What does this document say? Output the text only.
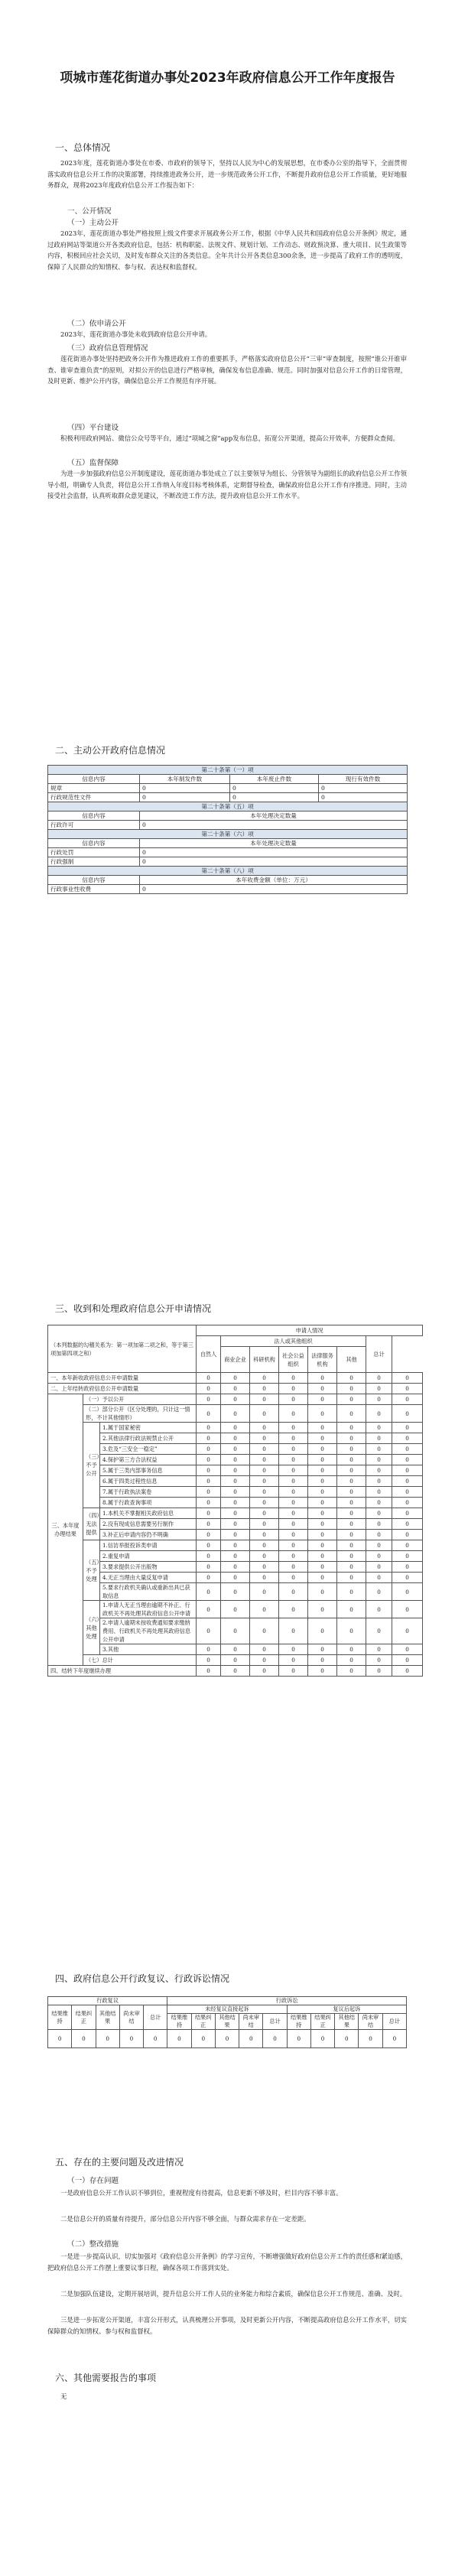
项城市莲花街道办事处2023年政府信息公开工作年度报告
一、总体情况

2023年度，莲花街道办事处在市委、市政府的领导下，坚持以人民为中心的发展思想，在市委办公室的指导下，全面贯彻落实政府信息公开工作的决策部署，持续推进政务公开，进一步规范政务公开工作，不断提升政府信息公开工作质量，更好地服务群众，现将2023年度政府信息公开工作报告如下：

一、公开情况
（一）主动公开

2023年，莲花街道办事处严格按照上级文件要求开展政务公开工作，根据《中华人民共和国政府信息公开条例》规定，通过政府网站等渠道公开各类政府信息，包括：机构职能、法规文件、规划计划、工作动态、财政预决算、重大项目、民生政策等内容，积极回应社会关切，及时发布群众关注的各类信息。全年共计公开各类信息300余条，进一步提高了政府工作的透明度，保障了人民群众的知情权、参与权、表达权和监督权。

（二）依申请公开

2023年，莲花街道办事处未收到政府信息公开申请。

（三）政府信息管理情况

莲花街道办事处坚持把政务公开作为推进政府工作的重要抓手，严格落实政府信息公开“三审”审查制度，按照“谁公开谁审查、谁审查谁负责”的原则，对拟公开的信息进行严格审核，确保发布信息准确、规范。同时加强对信息公开工作的日常管理，及时更新、维护公开内容，确保信息公开工作规范有序开展。

（四）平台建设

积极利用政府网站、微信公众号等平台，通过“项城之窗”app发布信息，拓宽公开渠道，提高公开效率，方便群众查阅。

（五）监督保障

为进一步加强政府信息公开制度建设，莲花街道办事处成立了以主要领导为组长、分管领导为副组长的政府信息公开工作领导小组，明确专人负责，将信息公开工作纳入年度目标考核体系，定期督导检查，确保政府信息公开工作有序推进。同时，主动接受社会监督，认真听取群众意见建议，不断改进工作方法，提升政府信息公开工作水平。

二、主动公开政府信息情况
第二十条第（一）项			
信息内容	本年制发件数	本年废止件数	现行有效件数
规章	0	0	0
行政规范性文件	0	0	0
第二十条第（五）项			
信息内容	本年处理决定数量		
行政许可	0		
第二十条第（六）项			
信息内容	本年处理决定数量		
行政处罚	0		
行政强制	0		
第二十条第（八）项			
信息内容	本年收费金额（单位：万元）		
行政事业性收费	0		
三、收到和处理政府信息公开申请情况
（本列数据的勾稽关系为：第一项加第二项之和，等于第三项加第四项之和）			申请人情况							
			自然人	法人或其他组织					总计	
				商业企业	科研机构	社会公益组织	法律服务机构	其他		
一、本年新收政府信息公开申请数量			0	0	0	0	0	0	0	0
二、上年结转政府信息公开申请数量			0	0	0	0	0	0	0	0
三、本年度办理结果	（一）予以公开		0	0	0	0	0	0	0	0
	（二）部分公开（区分处理的，只计这一情形，不计其他情形）		0	0	0	0	0	0	0	0
	（三）不予公开	1.属于国家秘密	0	0	0	0	0	0	0	0
		2.其他法律行政法规禁止公开	0	0	0	0	0	0	0	0
		3.危及“三安全一稳定”	0	0	0	0	0	0	0	0
		4.保护第三方合法权益	0	0	0	0	0	0	0	0
		5.属于三类内部事务信息	0	0	0	0	0	0	0	0
		6.属于四类过程性信息	0	0	0	0	0	0	0	0
		7.属于行政执法案卷	0	0	0	0	0	0	0	0
		8.属于行政查询事项	0	0	0	0	0	0	0	0
	（四）无法提供	1.本机关不掌握相关政府信息	0	0	0	0	0	0	0	0
		2.没有现成信息需要另行制作	0	0	0	0	0	0	0	0
		3.补正后申请内容仍不明确	0	0	0	0	0	0	0	0
	（五）不予处理	1.信访举报投诉类申请	0	0	0	0	0	0	0	0
		2.重复申请	0	0	0	0	0	0	0	0
		3.要求提供公开出版物	0	0	0	0	0	0	0	0
		4.无正当理由大量反复申请	0	0	0	0	0	0	0	0
		5.要求行政机关确认或重新出具已获取信息	0	0	0	0	0	0	0	0
	（六）其他处理	1.申请人无正当理由逾期不补正、行政机关不再处理其政府信息公开申请	0	0	0	0	0	0	0	0
		2.申请人逾期未按收费通知要求缴纳费用、行政机关不再处理其政府信息公开申请	0	0	0	0	0	0	0	0
		3.其他	0	0	0	0	0	0	0	0
	（七）总计		0	0	0	0	0	0	0	0
四、结转下年度继续办理			0	0	0	0	0	0	0	0
四、政府信息公开行政复议、行政诉讼情况
行政复议					行政诉讼									
结果维持	结果纠正	其他结果	尚未审结	总计	未经复议直接起诉					复议后起诉				
					结果维持	结果纠正	其他结果	尚未审结	总计	结果维持	结果纠正	其他结果	尚未审结	总计
0	0	0	0	0	0	0	0	0	0	0	0	0	0	0
五、存在的主要问题及改进情况
（一）存在问题

一是政府信息公开工作认识不够到位，重视程度有待提高，信息更新不够及时，栏目内容不够丰富。

二是信息公开的质量有待提升，部分信息公开内容不够全面，与群众需求存在一定差距。

（二）整改措施

一是进一步提高认识，切实加强对《政府信息公开条例》的学习宣传，不断增强做好政府信息公开工作的责任感和紧迫感，把政府信息公开工作摆上重要议事日程，确保各项工作落到实处。

二是加强队伍建设，定期开展培训，提升信息公开工作人员的业务能力和综合素质，确保信息公开工作规范、准确、及时。

三是进一步拓宽公开渠道，丰富公开形式，认真梳理公开事项，及时更新公开内容，不断提高政府信息公开工作水平，切实保障群众的知情权、参与权和监督权。

六、其他需要报告的事项

无
